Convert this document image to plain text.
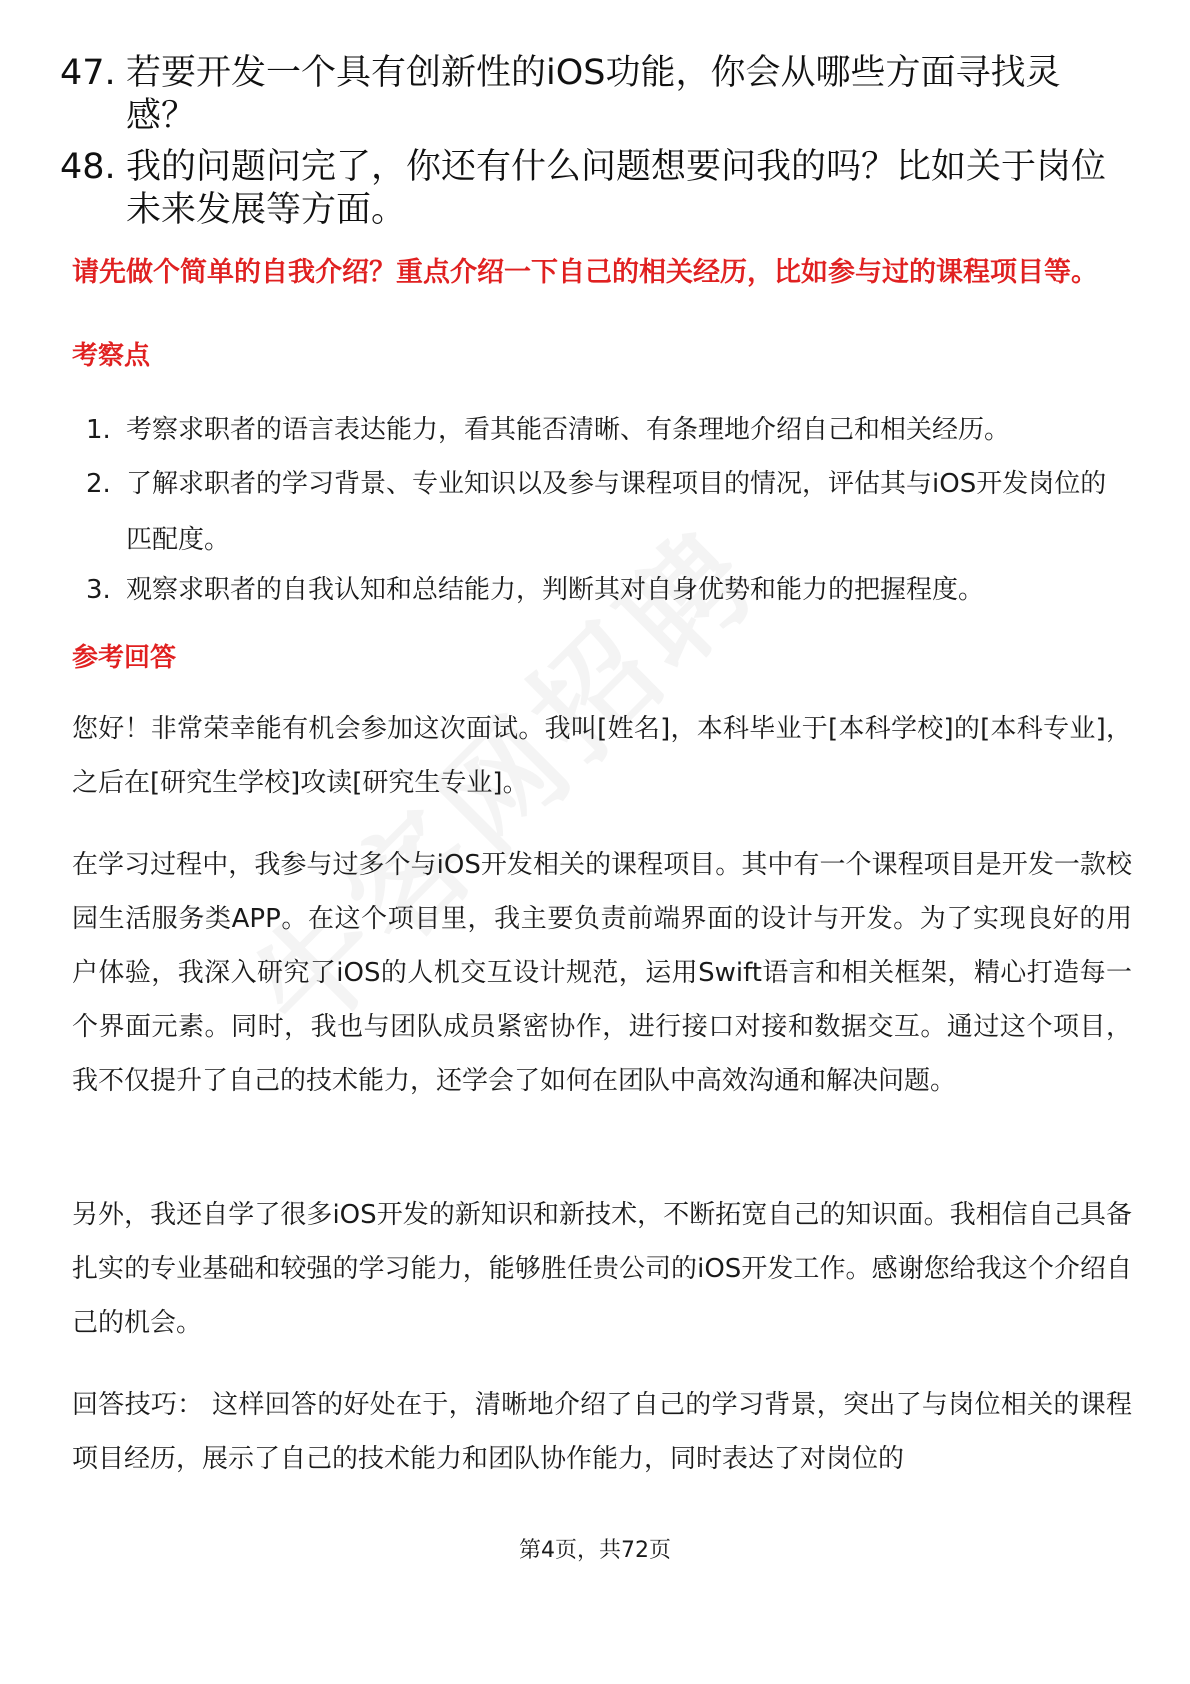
47. 若要开发一个具有创新性的iOS功能，你会从哪些方面寻找灵感？
48. 我的问题问完了，你还有什么问题想要问我的吗？比如关于岗位未来发展等方面。
请先做个简单的自我介绍？重点介绍一下自己的相关经历，比如参与过的课程项目等。
考察点
1. 考察求职者的语言表达能力，看其能否清晰、有条理地介绍自己和相关经历。
2. 了解求职者的学习背景、专业知识以及参与课程项目的情况，评估其与iOS开发岗位的匹配度。
3. 观察求职者的自我认知和总结能力，判断其对自身优势和能力的把握程度。
参考回答
您好！非常荣幸能有机会参加这次面试。我叫[姓名]，本科毕业于[本科学校]的[本科专业]，之后在[研究生学校]攻读[研究生专业]。
在学习过程中，我参与过多个与iOS开发相关的课程项目。其中有一个课程项目是开发一款校园生活服务类APP。在这个项目里，我主要负责前端界面的设计与开发。为了实现良好的用户体验，我深入研究了iOS的人机交互设计规范，运用Swift语言和相关框架，精心打造每一个界面元素。同时，我也与团队成员紧密协作，进行接口对接和数据交互。通过这个项目，我不仅提升了自己的技术能力，还学会了如何在团队中高效沟通和解决问题。
另外，我还自学了很多iOS开发的新知识和新技术，不断拓宽自己的知识面。我相信自己具备扎实的专业基础和较强的学习能力，能够胜任贵公司的iOS开发工作。感谢您给我这个介绍自己的机会。
回答技巧： 这样回答的好处在于，清晰地介绍了自己的学习背景，突出了与岗位相关的课程项目经历，展示了自己的技术能力和团队协作能力，同时表达了对岗位的
第4页，共72页
